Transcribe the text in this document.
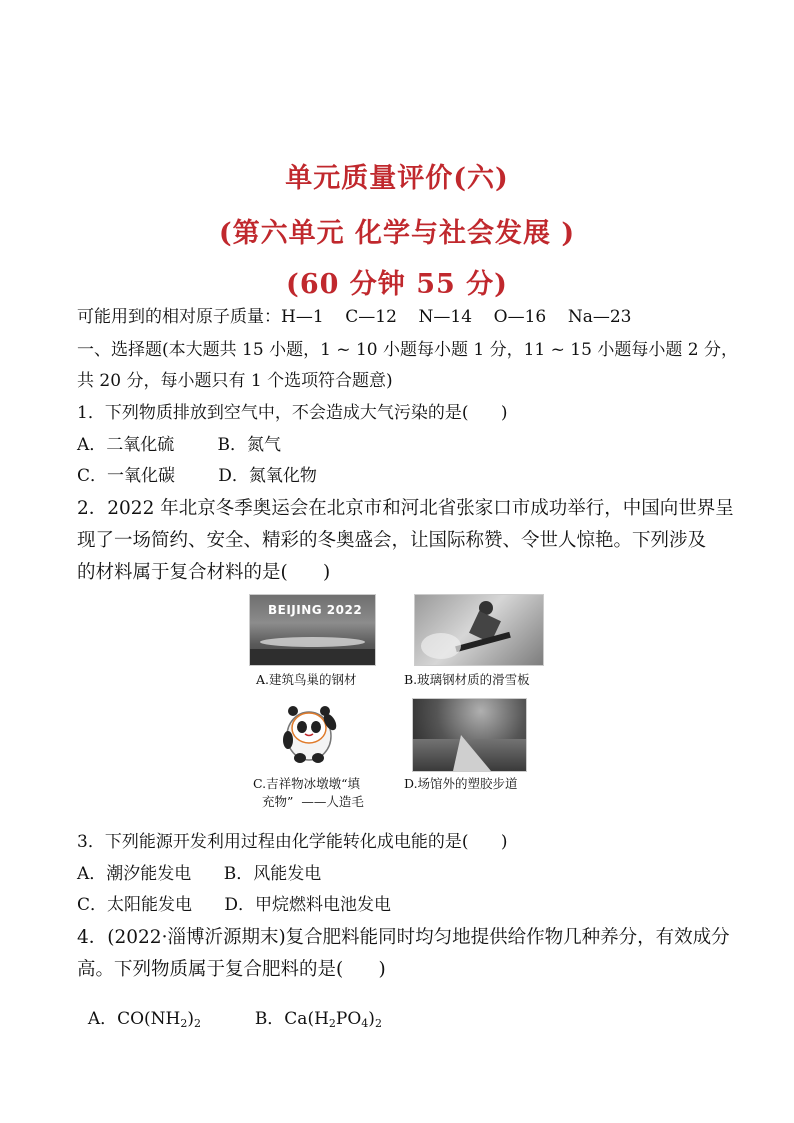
单元质量评价(六)
(第六单元 化学与社会发展 )
(60 分钟 55 分)
可能用到的相对原子质量：H—1    C—12    N—14    O—16    Na—23
一、选择题(本大题共 15 小题，1 ~ 10 小题每小题 1 分，11 ~ 15 小题每小题 2 分，
共 20 分，每小题只有 1 个选项符合题意)
1．下列物质排放到空气中，不会造成大气污染的是(      )
A．二氧化硫        B．氮气
C．一氧化碳        D．氮氧化物
2．2022 年北京冬季奥运会在北京市和河北省张家口市成功举行，中国向世界呈
现了一场简约、安全、精彩的冬奥盛会，让国际称赞、令世人惊艳。下列涉及
的材料属于复合材料的是(      )
BEIJING 2022
A.建筑鸟巢的钢材	B.玻璃钢材质的滑雪板
C.吉祥物冰墩墩“填
充物”  ——人造毛
D.场馆外的塑胶步道
3．下列能源开发利用过程由化学能转化成电能的是(      )
A．潮汐能发电      B．风能发电
C．太阳能发电      D．甲烷燃料电池发电
4．(2022·淄博沂源期末)复合肥料能同时均匀地提供给作物几种养分，有效成分
高。下列物质属于复合肥料的是(      )

A．$CO(NH_2)_2$	B．$Ca(H_2PO_4)_2$
